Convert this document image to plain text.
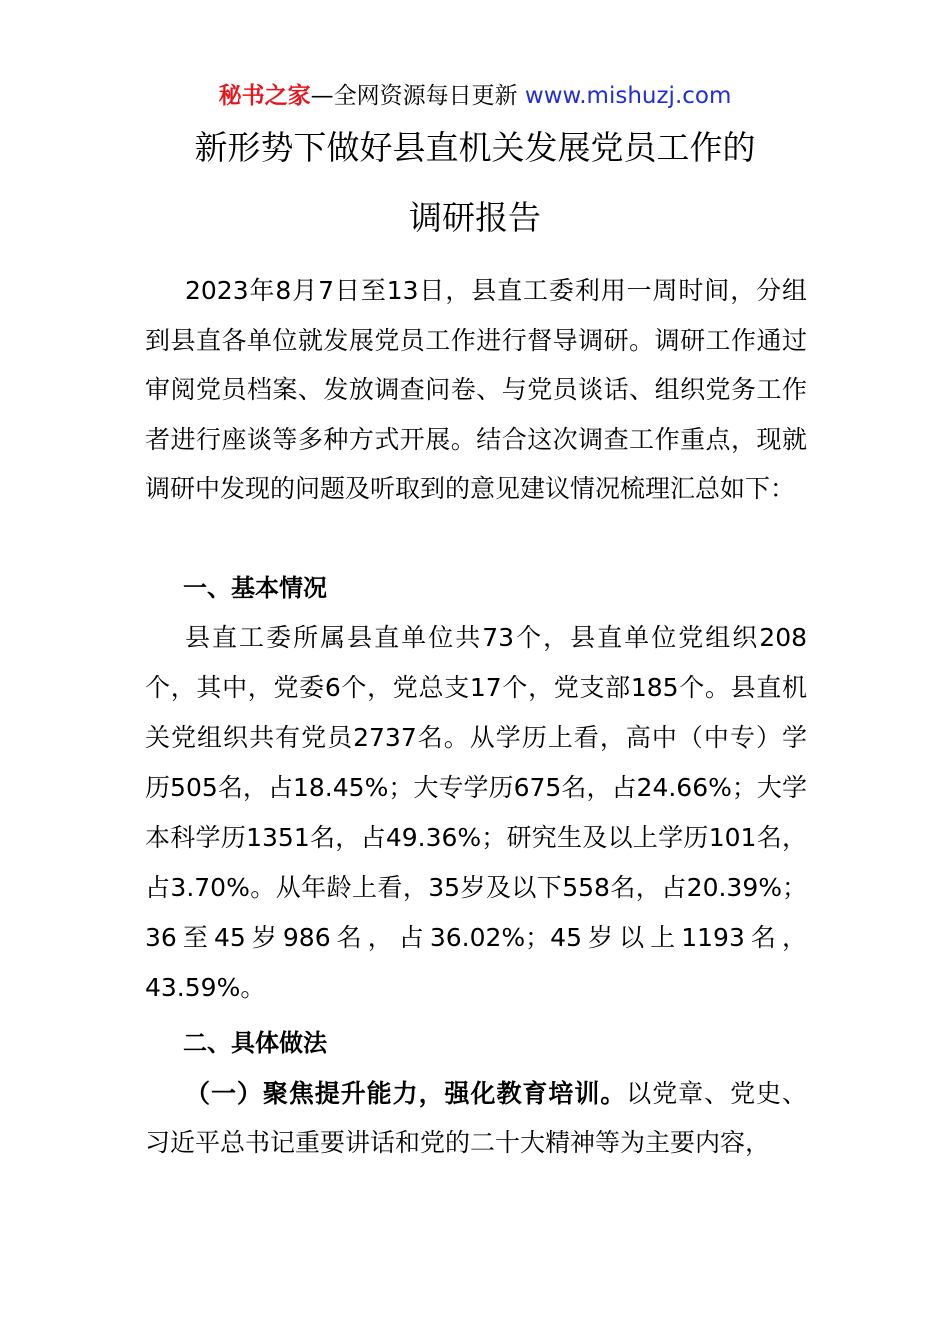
秘书之家—全网资源每日更新 www.mishuzj.com
新形势下做好县直机关发展党员工作的
调研报告

2023年8月7日至13日，县直工委利用一周时间，分组到县直各单位就发展党员工作进行督导调研。调研工作通过审阅党员档案、发放调查问卷、与党员谈话、组织党务工作者进行座谈等多种方式开展。结合这次调查工作重点，现就调研中发现的问题及听取到的意见建议情况梳理汇总如下：

一、基本情况

县直工委所属县直单位共73个，县直单位党组织208个，其中，党委6个，党总支17个，党支部185个。县直机关党组织共有党员2737名。从学历上看，高中（中专）学历505名，占18.45%；大专学历675名，占24.66%；大学本科学历1351名，占49.36%；研究生及以上学历101名，占3.70%。从年龄上看，35岁及以下558名，占20.39%；36至45岁986名，占36.02%；45岁以上1193名，43.59%。

二、具体做法

（一）聚焦提升能力，强化教育培训。以党章、党史、习近平总书记重要讲话和党的二十大精神等为主要内容，
